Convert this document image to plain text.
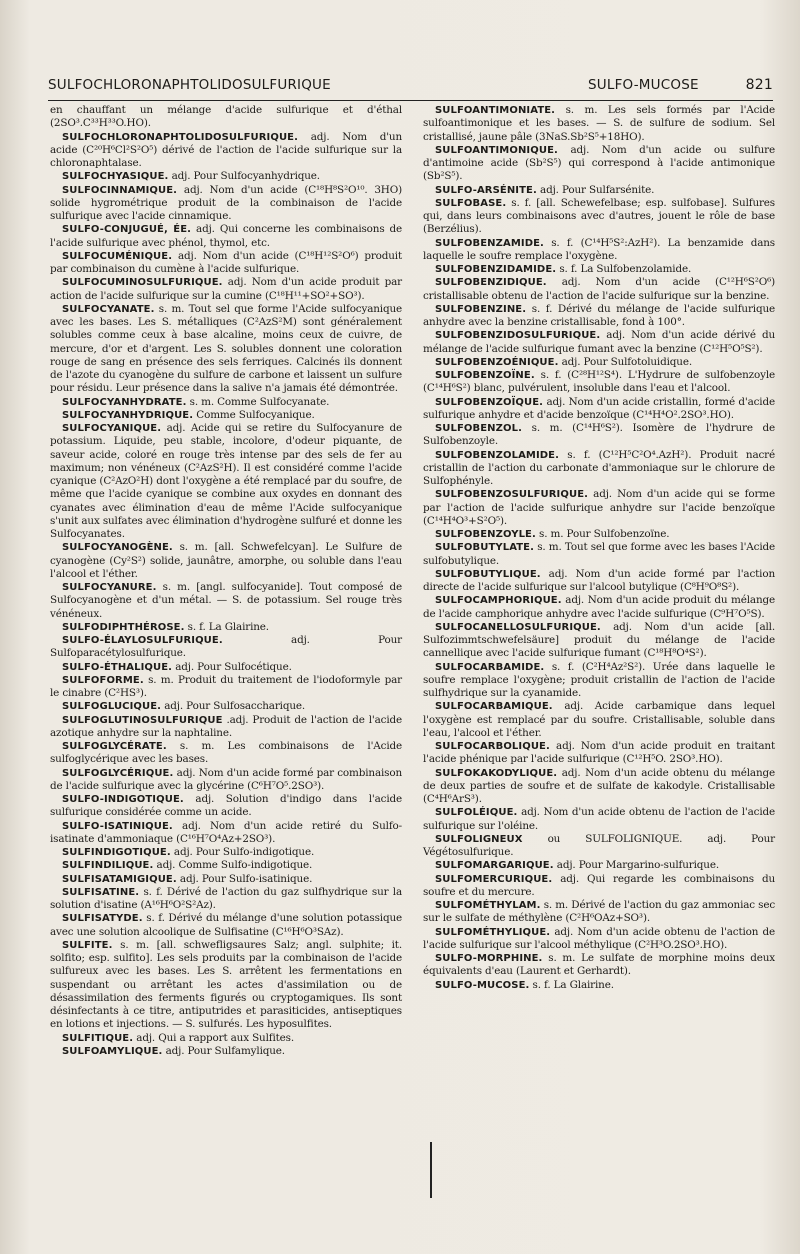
SULFOCHLORONAPHTOLIDOSULFURIQUE	SULFO-MUCOSE	821

en chauffant un mélange d'acide sulfurique et d'éthal (2SO³.C³³H³³O.HO).

SULFOCHLORONAPHTOLIDOSULFURIQUE. adj. Nom d'un acide (C²⁰H⁶Cl²S²O⁵) dérivé de l'action de l'acide sulfurique sur la chloronaphtalase.

SULFOCHYASIQUE. adj. Pour Sulfocyanhydrique.

SULFOCINNAMIQUE. adj. Nom d'un acide (C¹⁸H⁸S²O¹⁰. 3HO) solide hygrométrique produit de la combinaison de l'acide sulfurique avec l'acide cinnamique.

SULFO-CONJUGUÉ, ÉE. adj. Qui concerne les combinaisons de l'acide sulfurique avec phénol, thymol, etc.

SULFOCUMÉNIQUE. adj. Nom d'un acide (C¹⁸H¹²S²O⁶) produit par combinaison du cumène à l'acide sulfurique.

SULFOCUMINOSULFURIQUE. adj. Nom d'un acide produit par action de l'acide sulfurique sur la cumine (C¹⁸H¹¹+SO²+SO³).

SULFOCYANATE. s. m. Tout sel que forme l'Acide sulfocyanique avec les bases. Les S. métalliques (C²AzS²M) sont généralement solubles comme ceux à base alcaline, moins ceux de cuivre, de mercure, d'or et d'argent. Les S. solubles donnent une coloration rouge de sang en présence des sels ferriques. Calcinés ils donnent de l'azote du cyanogène du sulfure de carbone et laissent un sulfure pour résidu. Leur présence dans la salive n'a jamais été démontrée.

SULFOCYANHYDRATE. s. m. Comme Sulfocyanate.

SULFOCYANHYDRIQUE. Comme Sulfocyanique.

SULFOCYANIQUE. adj. Acide qui se retire du Sulfocyanure de potassium. Liquide, peu stable, incolore, d'odeur piquante, de saveur acide, coloré en rouge très intense par des sels de fer au maximum; non vénéneux (C²AzS²H). Il est considéré comme l'acide cyanique (C²AzO²H) dont l'oxygène a été remplacé par du soufre, de même que l'acide cyanique se combine aux oxydes en donnant des cyanates avec élimination d'eau de même l'Acide sulfocyanique s'unit aux sulfates avec élimination d'hydrogène sulfuré et donne les Sulfocyanates.

SULFOCYANOGÈNE. s. m. [all. Schwefelcyan]. Le Sulfure de cyanogène (Cy²S²) solide, jaunâtre, amorphe, ou soluble dans l'eau l'alcool et l'éther.

SULFOCYANURE. s. m. [angl. sulfocyanide]. Tout composé de Sulfocyanogène et d'un métal. — S. de potassium. Sel rouge très vénéneux.

SULFODIPHTHÉROSE. s. f. La Glairine.

SULFO-ÉLAYLOSULFURIQUE. adj. Pour Sulfoparacétylosulfurique.

SULFO-ÉTHALIQUE. adj. Pour Sulfocétique.

SULFOFORME. s. m. Produit du traitement de l'iodoformyle par le cinabre (C²HS³).

SULFOGLUCIQUE. adj. Pour Sulfosaccharique.

SULFOGLUTINOSULFURIQUE .adj. Produit de l'action de l'acide azotique anhydre sur la naphtaline.

SULFOGLYCÉRATE. s. m. Les combinaisons de l'Acide sulfoglycérique avec les bases.

SULFOGLYCÉRIQUE. adj. Nom d'un acide formé par combinaison de l'acide sulfurique avec la glycérine (C⁶H⁷O⁵.2SO³).

SULFO-INDIGOTIQUE. adj. Solution d'indigo dans l'acide sulfurique considérée comme un acide.

SULFO-ISATINIQUE. adj. Nom d'un acide retiré du Sulfo-isatinate d'ammoniaque (C¹⁶H⁷O⁴Az+2SO³).

SULFINDIGOTIQUE. adj. Pour Sulfo-indigotique.

SULFINDILIQUE. adj. Comme Sulfo-indigotique.

SULFISATAMIGIQUE. adj. Pour Sulfo-isatinique.

SULFISATINE. s. f. Dérivé de l'action du gaz sulfhydrique sur la solution d'isatine (A¹⁶H⁶O²S²Az).

SULFISATYDE. s. f. Dérivé du mélange d'une solution potassique avec une solution alcoolique de Sulfisatine (C¹⁶H⁶O³SAz).

SULFITE. s. m. [all. schwefligsaures Salz; angl. sulphite; it. solfito; esp. sulfito]. Les sels produits par la combinaison de l'acide sulfureux avec les bases. Les S. arrêtent les fermentations en suspendant ou arrêtant les actes d'assimilation ou de désassimilation des ferments figurés ou cryptogamiques. Ils sont désinfectants à ce titre, antiputrides et parasiticides, antiseptiques en lotions et injections. — S. sulfurés. Les hyposulfites.

SULFITIQUE. adj. Qui a rapport aux Sulfites.

SULFOAMYLIQUE. adj. Pour Sulfamylique.

SULFOANTIMONIATE. s. m. Les sels formés par l'Acide sulfoantimonique et les bases. — S. de sulfure de sodium. Sel cristallisé, jaune pâle (3NaS.Sb²S⁵+18HO).

SULFOANTIMONIQUE. adj. Nom d'un acide ou sulfure d'antimoine acide (Sb²S⁵) qui correspond à l'acide antimonique (Sb²S⁵).

SULFO-ARSÉNITE. adj. Pour Sulfarsénite.

SULFOBASE. s. f. [all. Schewefelbase; esp. sulfobase]. Sulfures qui, dans leurs combinaisons avec d'autres, jouent le rôle de base (Berzélius).

SULFOBENZAMIDE. s. f. (C¹⁴H⁵S²:AzH²). La benzamide dans laquelle le soufre remplace l'oxygène.

SULFOBENZIDAMIDE. s. f. La Sulfobenzolamide.

SULFOBENZIDIQUE. adj. Nom d'un acide (C¹²H⁶S²O⁶) cristallisable obtenu de l'action de l'acide sulfurique sur la benzine.

SULFOBENZINE. s. f. Dérivé du mélange de l'acide sulfurique anhydre avec la benzine cristallisable, fond à 100°.

SULFOBENZIDOSULFURIQUE. adj. Nom d'un acide dérivé du mélange de l'acide sulfurique fumant avec la benzine (C¹²H⁵O⁵S²).

SULFOBENZOÉNIQUE. adj. Pour Sulfotoluidique.

SULFOBENZOÏNE. s. f. (C²⁸H¹²S⁴). L'Hydrure de sulfobenzoyle (C¹⁴H⁶S²) blanc, pulvérulent, insoluble dans l'eau et l'alcool.

SULFOBENZOÏQUE. adj. Nom d'un acide cristallin, formé d'acide sulfurique anhydre et d'acide benzoïque (C¹⁴H⁴O².2SO³.HO).

SULFOBENZOL. s. m. (C¹⁴H⁶S²). Isomère de l'hydrure de Sulfobenzoyle.

SULFOBENZOLAMIDE. s. f. (C¹²H⁵C²O⁴.AzH²). Produit nacré cristallin de l'action du carbonate d'ammoniaque sur le chlorure de Sulfophényle.

SULFOBENZOSULFURIQUE. adj. Nom d'un acide qui se forme par l'action de l'acide sulfurique anhydre sur l'acide benzoïque (C¹⁴H⁴O³+S²O⁵).

SULFOBENZOYLE. s. m. Pour Sulfobenzoïne.

SULFOBUTYLATE. s. m. Tout sel que forme avec les bases l'Acide sulfobutylique.

SULFOBUTYLIQUE. adj. Nom d'un acide formé par l'action directe de l'acide sulfurique sur l'alcool butylique (C⁸H⁹O⁸S²).

SULFOCAMPHORIQUE. adj. Nom d'un acide produit du mélange de l'acide camphorique anhydre avec l'acide sulfurique (C⁹H⁷O⁵S).

SULFOCANELLOSULFURIQUE. adj. Nom d'un acide [all. Sulfozimmtschwefelsäure] produit du mélange de l'acide cannellique avec l'acide sulfurique fumant (C¹⁸H⁸O⁴S²).

SULFOCARBAMIDE. s. f. (C²H⁴Az²S²). Urée dans laquelle le soufre remplace l'oxygène; produit cristallin de l'action de l'acide sulfhydrique sur la cyanamide.

SULFOCARBAMIQUE. adj. Acide carbamique dans lequel l'oxygène est remplacé par du soufre. Cristallisable, soluble dans l'eau, l'alcool et l'éther.

SULFOCARBOLIQUE. adj. Nom d'un acide produit en traitant l'acide phénique par l'acide sulfurique (C¹²H⁵O. 2SO³.HO).

SULFOKAKODYLIQUE. adj. Nom d'un acide obtenu du mélange de deux parties de soufre et de sulfate de kakodyle. Cristallisable (C⁴H⁶ArS³).

SULFOLÉIQUE. adj. Nom d'un acide obtenu de l'action de l'acide sulfurique sur l'oléine.

SULFOLIGNEUX ou SULFOLIGNIQUE. adj. Pour Végétosulfurique.

SULFOMARGARIQUE. adj. Pour Margarino-sulfurique.

SULFOMERCURIQUE. adj. Qui regarde les combinaisons du soufre et du mercure.

SULFOMÉTHYLAM. s. m. Dérivé de l'action du gaz ammoniac sec sur le sulfate de méthylène (C²H⁶OAz+SO³).

SULFOMÉTHYLIQUE. adj. Nom d'un acide obtenu de l'action de l'acide sulfurique sur l'alcool méthylique (C²H³O.2SO³.HO).

SULFO-MORPHINE. s. m. Le sulfate de morphine moins deux équivalents d'eau (Laurent et Gerhardt).

SULFO-MUCOSE. s. f. La Glairine.
